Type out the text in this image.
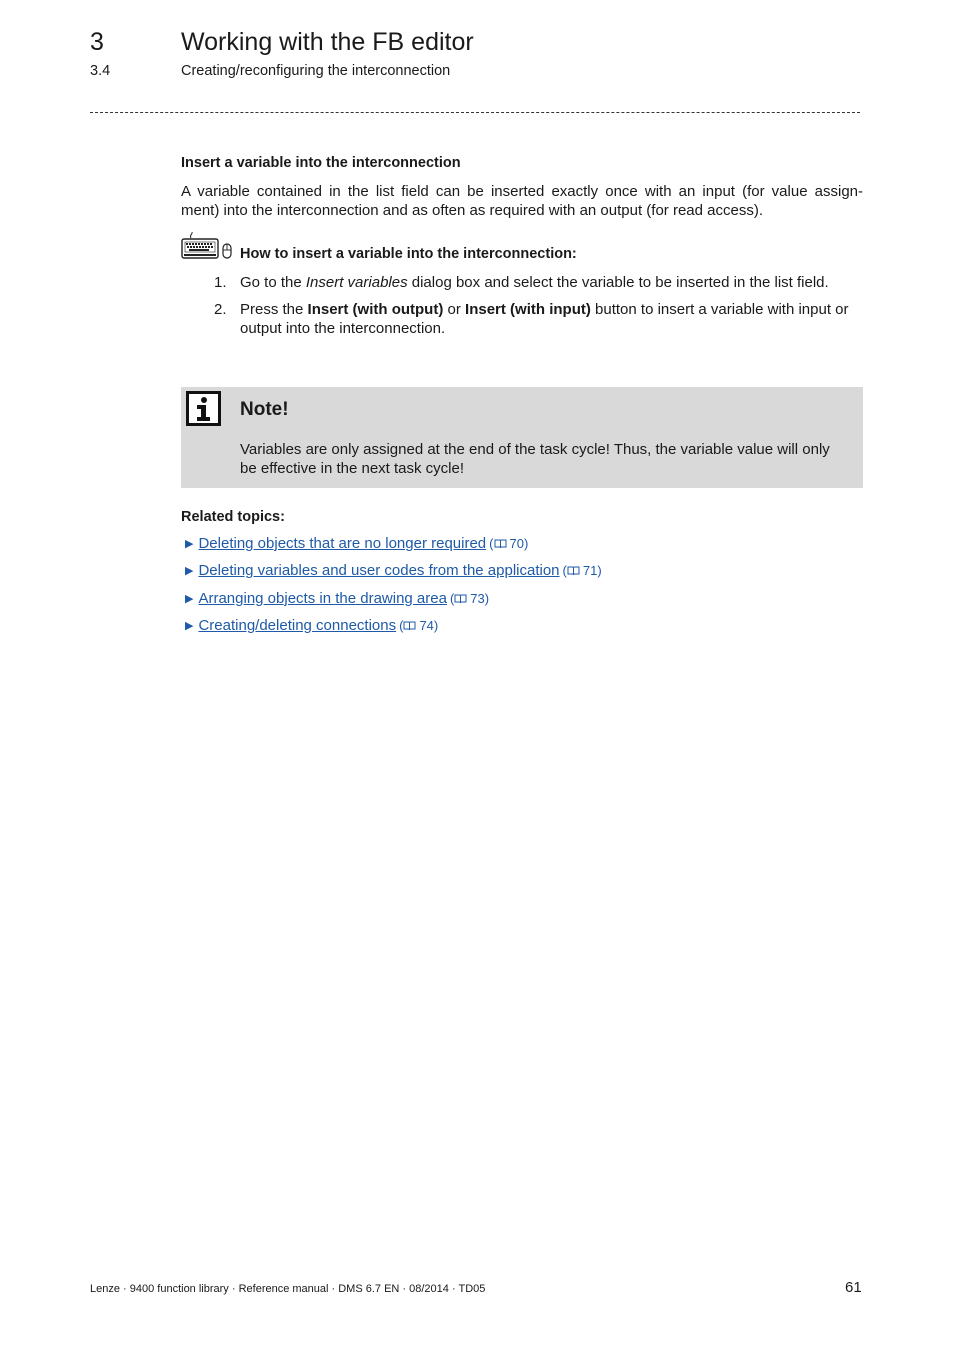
3	Working with the FB editor
3.4	Creating/reconfiguring the interconnection
Insert a variable into the interconnection
A variable contained in the list field can be inserted exactly once with an input (for value assign-
ment) into the interconnection and as often as required with an output (for read access).
How to insert a variable into the interconnection:
1. Go to the Insert variables dialog box and select the variable to be inserted in the list field.
2. Press the Insert (with output) or Insert (with input) button to insert a variable with input or output into the interconnection.
Note!
Variables are only assigned at the end of the task cycle! Thus, the variable value will only be effective in the next task cycle!
Related topics:
▶ Deleting objects that are no longer required ( 70)
▶ Deleting variables and user codes from the application ( 71)
▶ Arranging objects in the drawing area ( 73)
▶ Creating/deleting connections ( 74)
Lenze · 9400 function library · Reference manual · DMS 6.7 EN · 08/2014 · TD05	61
